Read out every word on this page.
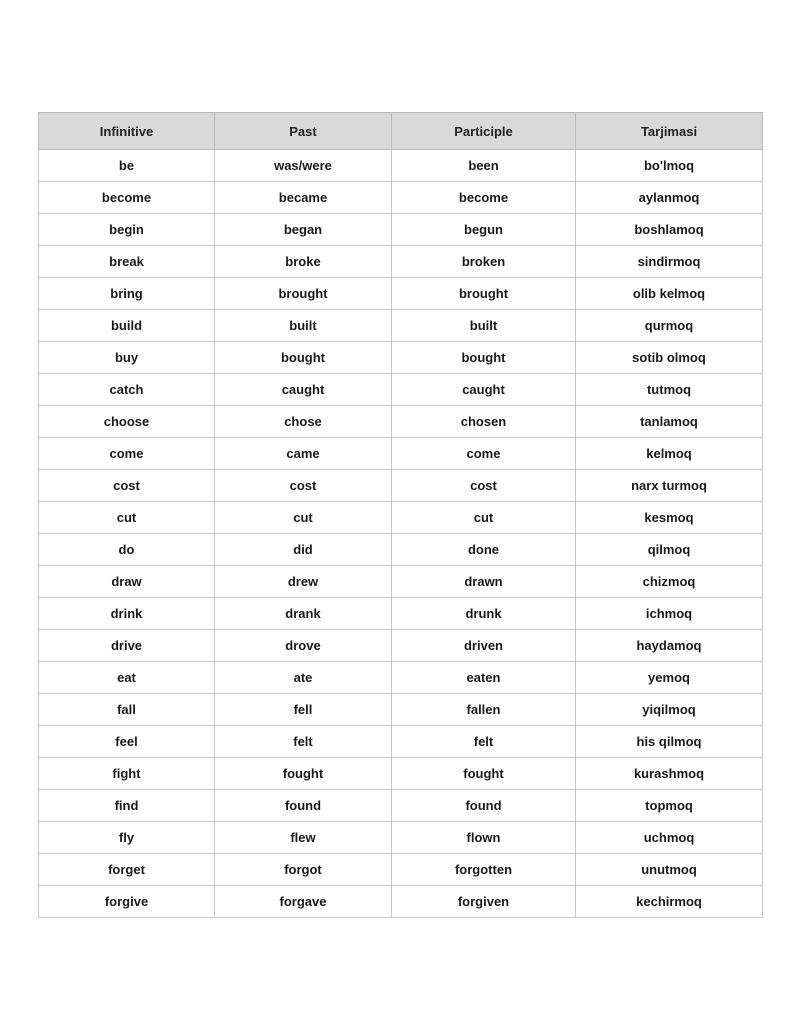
Infinitive	Past	Participle	Tarjimasi
be	was/were	been	bo'lmoq
become	became	become	aylanmoq
begin	began	begun	boshlamoq
break	broke	broken	sindirmoq
bring	brought	brought	olib kelmoq
build	built	built	qurmoq
buy	bought	bought	sotib olmoq
catch	caught	caught	tutmoq
choose	chose	chosen	tanlamoq
come	came	come	kelmoq
cost	cost	cost	narx turmoq
cut	cut	cut	kesmoq
do	did	done	qilmoq
draw	drew	drawn	chizmoq
drink	drank	drunk	ichmoq
drive	drove	driven	haydamoq
eat	ate	eaten	yemoq
fall	fell	fallen	yiqilmoq
feel	felt	felt	his qilmoq
fight	fought	fought	kurashmoq
find	found	found	topmoq
fly	flew	flown	uchmoq
forget	forgot	forgotten	unutmoq
forgive	forgave	forgiven	kechirmoq
